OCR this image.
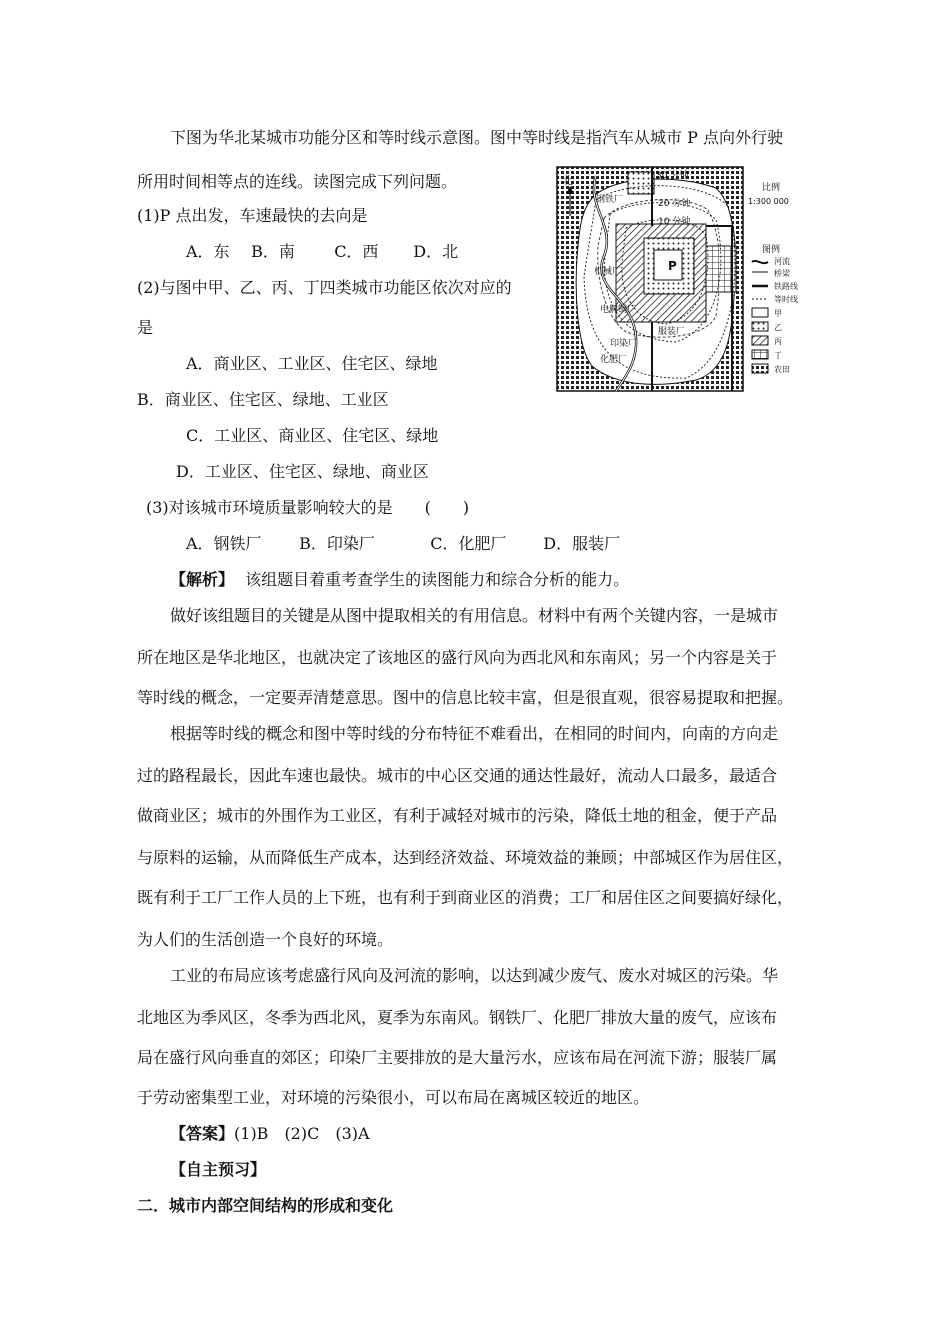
下图为华北某城市功能分区和等时线示意图。图中等时线是指汽车从城市 P 点向外行驶
所用时间相等点的连线。读图完成下列问题。
(1)P 点出发，车速最快的去向是
A．东 B．南 C．西 D．北
(2)与图中甲、乙、丙、丁四类城市功能区依次对应的
是
A．商业区、工业区、住宅区、绿地
B．商业区、住宅区、绿地、工业区
C．工业区、商业区、住宅区、绿地
D．工业区、住宅区、绿地、商业区
(3)对该城市环境质量影响较大的是　　(　　)
A．钢铁厂 B．印染厂	C．化肥厂 D．服装厂
【解析】 该组题目着重考查学生的读图能力和综合分析的能力。
做好该组题目的关键是从图中提取相关的有用信息。材料中有两个关键内容，一是城市
所在地区是华北地区，也就决定了该地区的盛行风向为西北风和东南风；另一个内容是关于
等时线的概念，一定要弄清楚意思。图中的信息比较丰富，但是很直观，很容易提取和把握。
根据等时线的概念和图中等时线的分布特征不难看出，在相同的时间内，向南的方向走
过的路程最长，因此车速也最快。城市的中心区交通的通达性最好，流动人口最多，最适合
做商业区；城市的外围作为工业区，有利于减轻对城市的污染，降低土地的租金，便于产品
与原料的运输，从而降低生产成本，达到经济效益、环境效益的兼顾；中部城区作为居住区，
既有利于工厂工作人员的上下班，也有利于到商业区的消费；工厂和居住区之间要搞好绿化，
为人们的生活创造一个良好的环境。
工业的布局应该考虑盛行风向及河流的影响，以达到减少废气、废水对城区的污染。华
北地区为季风区，冬季为西北风，夏季为东南风。钢铁厂、化肥厂排放大量的废气，应该布
局在盛行风向垂直的郊区；印染厂主要排放的是大量污水，应该布局在河流下游；服装厂属
于劳动密集型工业，对环境的污染很小，可以布局在离城区较近的地区。
【答案】(1)B　(2)C　(3)A
【自主预习】
二．城市内部空间结构的形成和变化
北	30 分钟
20 分钟
10 分钟
P
钢铁厂
机械厂
电解铜厂
服装厂
印染厂
化肥厂
比例
1:300 000
图例
河流
桥梁
铁路线
等时线
甲
乙
丙
丁
农田
